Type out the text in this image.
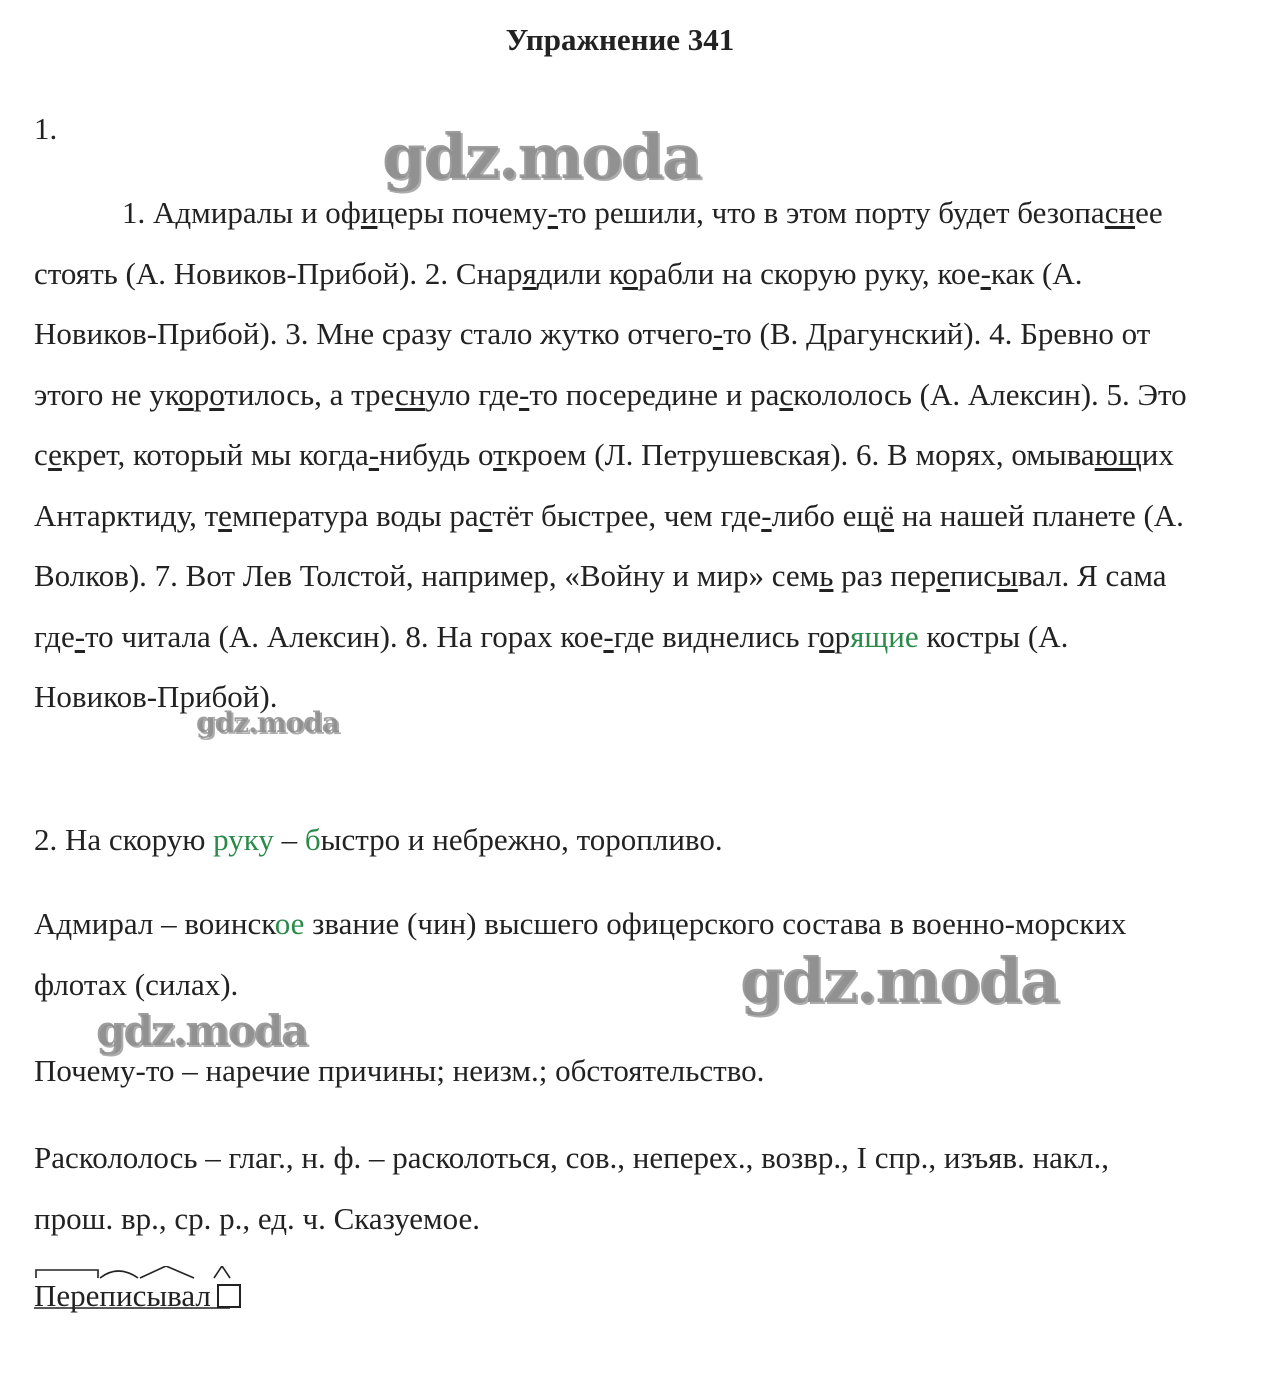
Упражнение 341
1.	gdz.moda

1. Адмиралы и офицеры почему-то решили, что в этом порту будет безопаснее стоять (А. Новиков-Прибой). 2. Снарядили корабли на скорую руку, кое-как (А. Новиков-Прибой). 3. Мне сразу стало жутко отчего-то (В. Драгунский). 4. Бревно от этого не укоротилось, а треснуло где-то посередине и раскололось (А. Алексин). 5. Это секрет, который мы когда-нибудь откроем (Л. Петрушевская). 6. В морях, омывающих Антарктиду, температура воды растёт быстрее, чем где-либо ещё на нашей планете (А. Волков). 7. Вот Лев Толстой, например, «Войну и мир» семь раз переписывал. Я сама где-то читала (А. Алексин). 8. На горах кое-где виднелись горящие костры (А. Новиков-Прибой).

gdz.moda

2. На скорую руку – быстро и небрежно, торопливо.

Адмирал – воинское звание (чин) высшего офицерского состава в военно-морских флотах (силах).	gdz.moda
gdz.moda

Почему-то – наречие причины; неизм.; обстоятельство.

Раскололось – глаг., н. ф. – расколоться, сов., неперех., возвр., I спр., изъяв. накл., прош. вр., ср. р., ед. ч. Сказуемое.

Переписывал
